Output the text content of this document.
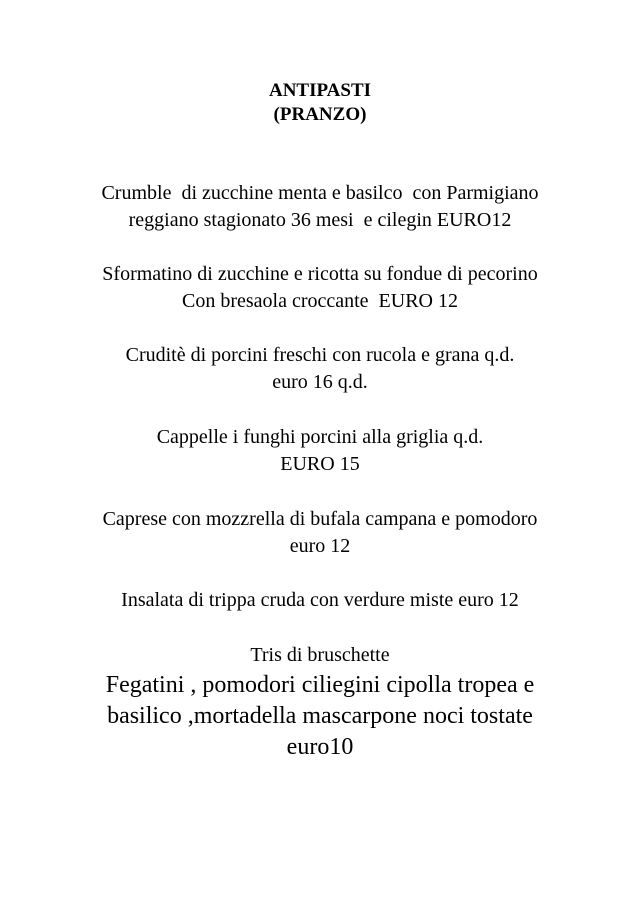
ANTIPASTI
(PRANZO)
Crumble  di zucchine menta e basilco  con Parmigiano
reggiano stagionato 36 mesi  e cilegin EURO12
Sformatino di zucchine e ricotta su fondue di pecorino
Con bresaola croccante  EURO 12
Cruditè di porcini freschi con rucola e grana q.d.
euro 16 q.d.
Cappelle i funghi porcini alla griglia q.d.
EURO 15
Caprese con mozzrella di bufala campana e pomodoro
euro 12
Insalata di trippa cruda con verdure miste euro 12
Tris di bruschette
Fegatini , pomodori ciliegini cipolla tropea e
basilico ,mortadella mascarpone noci tostate
euro10
